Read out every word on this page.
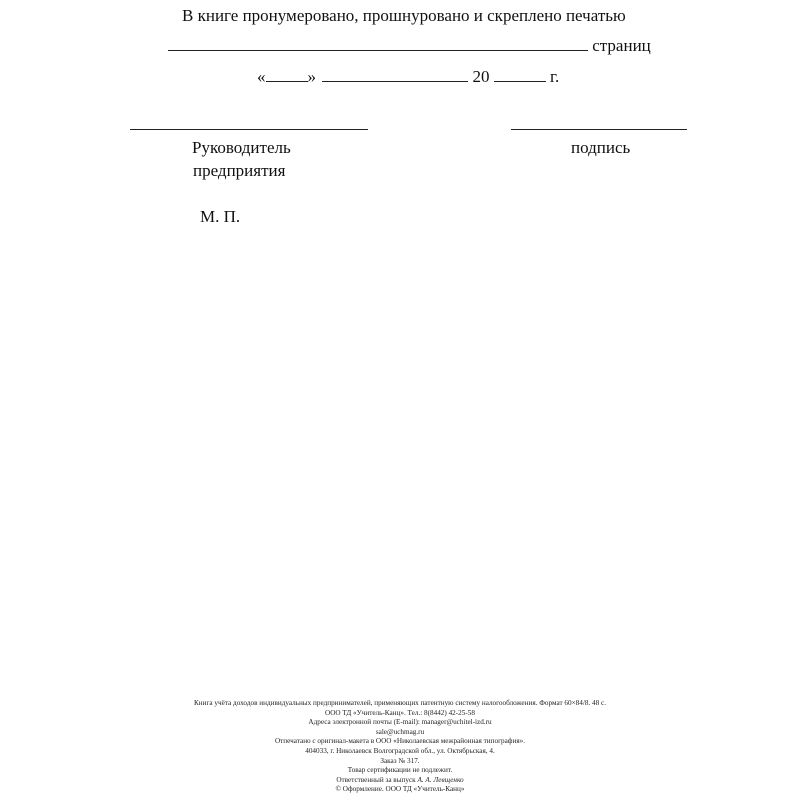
В книге пронумеровано, прошнуровано и скреплено печатью
страниц
« »	20	г.
Руководитель
предприятия
подпись
М. П.
Книга учёта доходов индивидуальных предпринимателей, применяющих патентную систему налогообложения. Формат 60×84/8. 48 с.
ООО ТД «Учитель-Канц». Тел.: 8(8442) 42-25-58
Адреса электронной почты (E-mail): manager@uchitel-izd.ru
sale@uchmag.ru
Отпечатано с оригинал-макета в ООО «Николаевская межрайонная типография».
404033, г. Николаевск Волгоградской обл., ул. Октябрьская, 4.
Заказ № 317.
Товар сертификации не подлежит.
Ответственный за выпуск А. А. Левщенко
© Оформление. ООО ТД «Учитель-Канц»
